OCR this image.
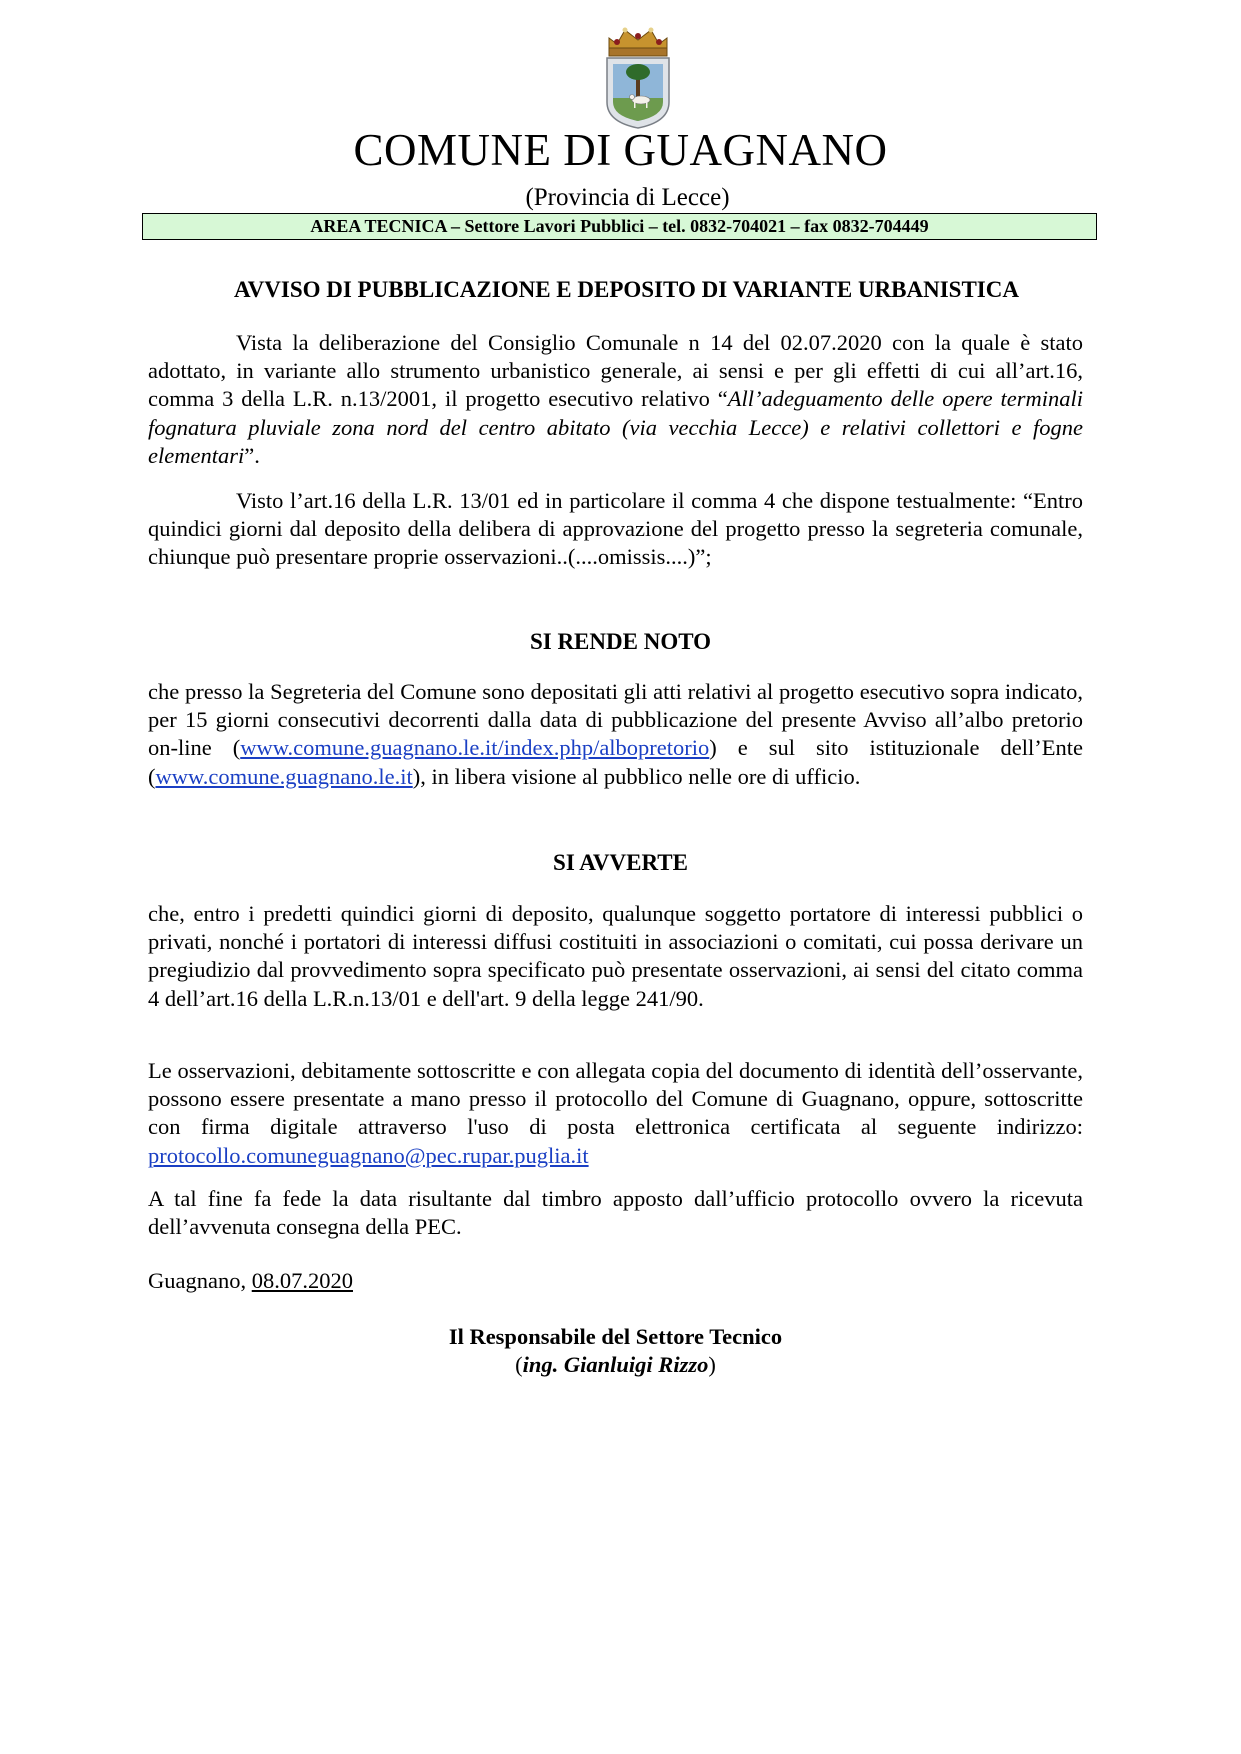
COMUNE DI GUAGNANO
(Provincia di Lecce)
AREA TECNICA – Settore Lavori Pubblici – tel. 0832-704021 – fax 0832-704449
AVVISO DI PUBBLICAZIONE E DEPOSITO DI VARIANTE URBANISTICA

Vista la deliberazione del Consiglio Comunale n 14 del 02.07.2020 con la quale è stato adottato, in variante allo strumento urbanistico generale, ai sensi e per gli effetti di cui all’art.16, comma 3 della L.R. n.13/2001, il progetto esecutivo relativo “All’adeguamento delle opere terminali fognatura pluviale zona nord del centro abitato (via vecchia Lecce) e relativi collettori e fogne elementari”.

Visto l’art.16 della L.R. 13/01 ed in particolare il comma 4 che dispone testualmente: “Entro quindici giorni dal deposito della delibera di approvazione del progetto presso la segreteria comunale, chiunque può presentare proprie osservazioni..(....omissis....)”;

SI RENDE NOTO

che presso la Segreteria del Comune sono depositati gli atti relativi al progetto esecutivo sopra indicato, per 15 giorni consecutivi decorrenti dalla data di pubblicazione del presente Avviso all’albo pretorio on-line (www.comune.guagnano.le.it/index.php/albopretorio) e sul sito istituzionale dell’Ente (www.comune.guagnano.le.it), in libera visione al pubblico nelle ore di ufficio.

SI AVVERTE

che, entro i predetti quindici giorni di deposito, qualunque soggetto portatore di interessi pubblici o privati, nonché i portatori di interessi diffusi costituiti in associazioni o comitati, cui possa derivare un pregiudizio dal provvedimento sopra specificato può presentate osservazioni, ai sensi del citato comma 4 dell’art.16 della L.R.n.13/01 e dell'art. 9 della legge 241/90.

Le osservazioni, debitamente sottoscritte e con allegata copia del documento di identità dell’osservante, possono essere presentate a mano presso il protocollo del Comune di Guagnano, oppure, sottoscritte con firma digitale attraverso l'uso di posta elettronica certificata al seguente indirizzo: protocollo.comuneguagnano@pec.rupar.puglia.it

A tal fine fa fede la data risultante dal timbro apposto dall’ufficio protocollo ovvero la ricevuta dell’avvenuta consegna della PEC.

Guagnano, 08.07.2020

Il Responsabile del Settore Tecnico
(ing. Gianluigi Rizzo)
